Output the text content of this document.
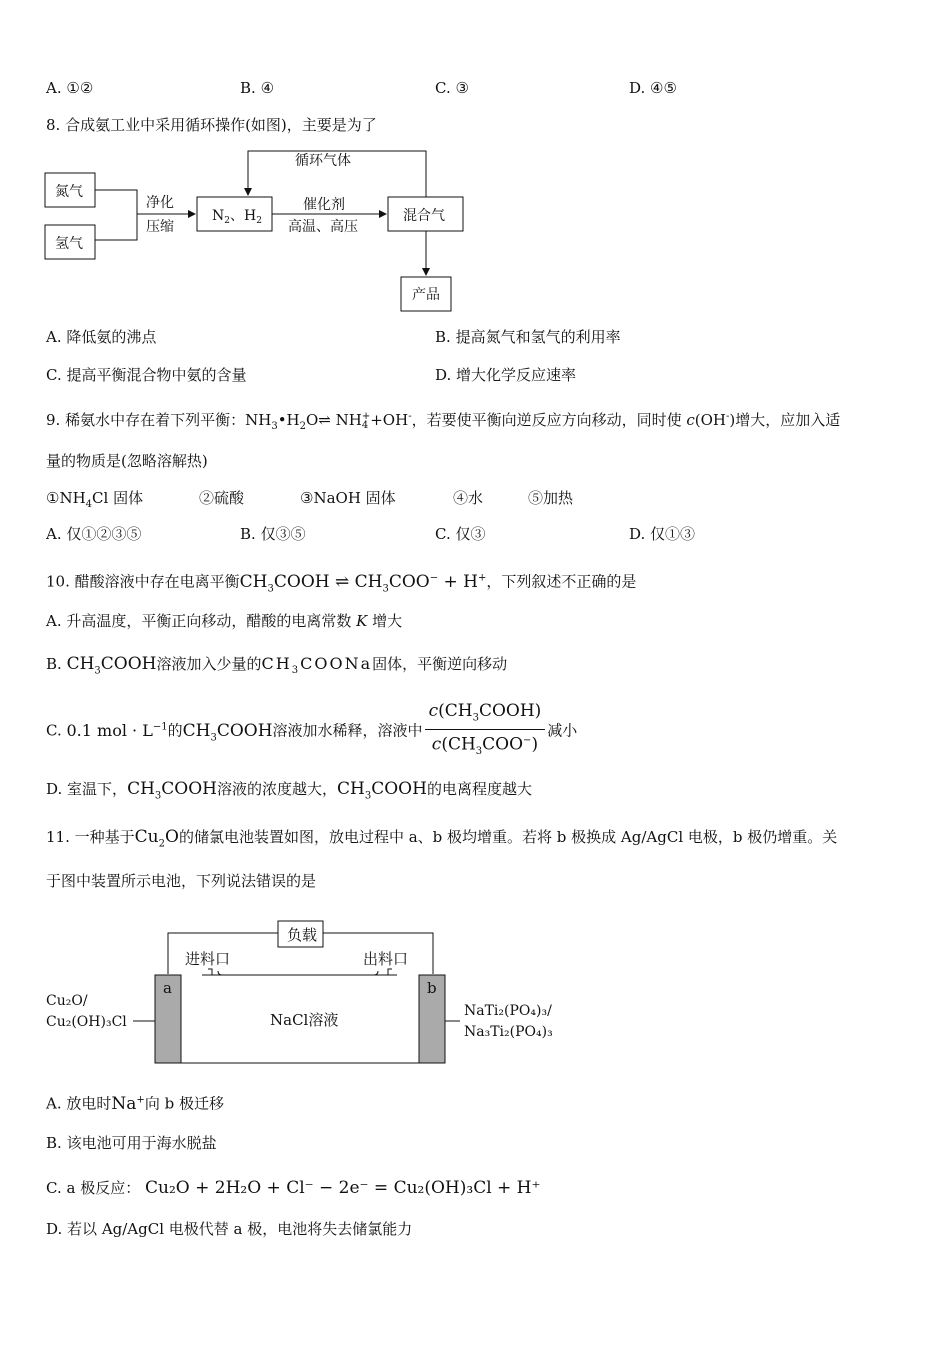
A. ①②	B. ④	C. ③	D. ④⑤
8. 合成氨工业中采用循环操作(如图)，主要是为了
氮气
氢气
净化
压缩
$N_2$、$H_2$
催化剂
高温、高压
混合气
循环气体
产品
A. 降低氨的沸点	B. 提高氮气和氢气的利用率
C. 提高平衡混合物中氨的含量	D. 增大化学反应速率
9. 稀氨水中存在着下列平衡：$NH_3•H_2O\rightleftharpoons$ NH +
4 +OH-，若要使平衡向逆反应方向移动，同时使 c(OH-)增大，应加入适
量的物质是(忽略溶解热)
$①NH_4Cl$ 固体	②硫酸	③NaOH 固体	④水	⑤加热
A. 仅①②③⑤	B. 仅③⑤	C. 仅③	D. 仅①③
10. 醋酸溶液中存在电离平衡$CH_3COOH$ ⇌ $CH_3COO^- + H^+$，下列叙述不正确的是
A. 升高温度，平衡正向移动，醋酸的电离常数 K 增大
B. $CH_3COOH$溶液加入少量的$CH_3COONa$固体，平衡逆向移动
C. 0.1 mol · $L^{-1}$的$CH_3COOH$溶液加水稀释，溶液中 $\frac{c(CH_3COOH)}{c(CH_3COO^-)}$ 减小
D. 室温下，$CH_3COOH$溶液的浓度越大，$CH_3COOH$的电离程度越大
11. 一种基于$Cu_2O$的储氯电池装置如图，放电过程中 a、b 极均增重。若将 b 极换成 Ag/AgCl 电极，b 极仍增重。关
于图中装置所示电池，下列说法错误的是
负载
进料口	出料口
a	b
NaCl溶液
Cu₂O/
Cu₂(OH)₃Cl
NaTi₂(PO₄)₃/
Na₃Ti₂(PO₄)₃
A. 放电时Na+向 b 极迁移
B. 该电池可用于海水脱盐
C. a 极反应： Cu₂O + 2H₂O + Cl⁻ − 2e⁻ = Cu₂(OH)₃Cl + H⁺
D. 若以 Ag/AgCl 电极代替 a 极，电池将失去储氯能力
